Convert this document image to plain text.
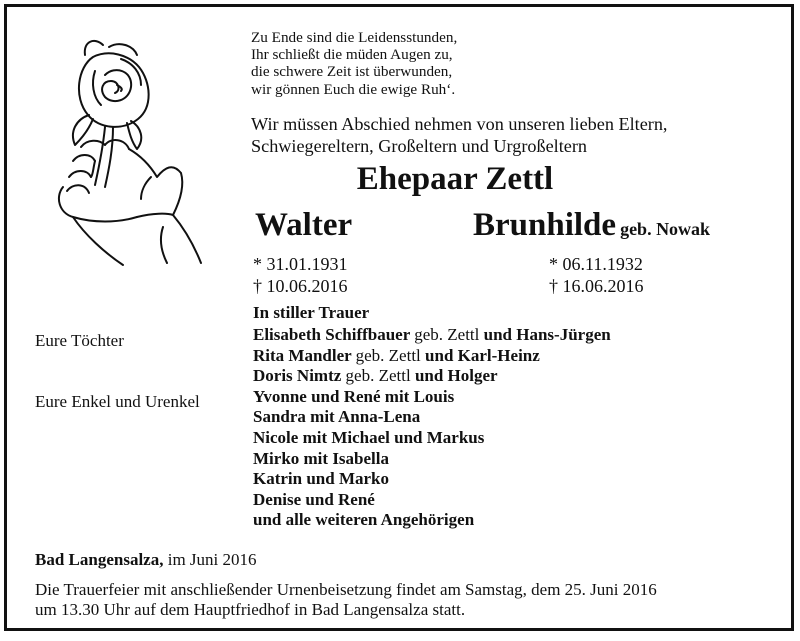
Zu Ende sind die Leidensstunden,
Ihr schließt die müden Augen zu,
die schwere Zeit ist überwunden,
wir gönnen Euch die ewige Ruh‘.
Wir müssen Abschied nehmen von unseren lieben Eltern,
Schwiegereltern, Großeltern und Urgroßeltern
Ehepaar Zettl
Walter	Brunhilde geb. Nowak
* 31.01.1931
† 10.06.2016
* 06.11.1932
† 16.06.2016
In stiller Trauer
Eure Töchter
Eure Enkel und Urenkel
Elisabeth Schiffbauer geb. Zettl und Hans-Jürgen
Rita Mandler geb. Zettl und Karl-Heinz
Doris Nimtz geb. Zettl und Holger
Yvonne und René mit Louis
Sandra mit Anna-Lena
Nicole mit Michael und Markus
Mirko mit Isabella
Katrin und Marko
Denise und René
und alle weiteren Angehörigen
Bad Langensalza, im Juni 2016
Die Trauerfeier mit anschließender Urnenbeisetzung findet am Samstag, dem 25. Juni 2016
um 13.30 Uhr auf dem Hauptfriedhof in Bad Langensalza statt.
